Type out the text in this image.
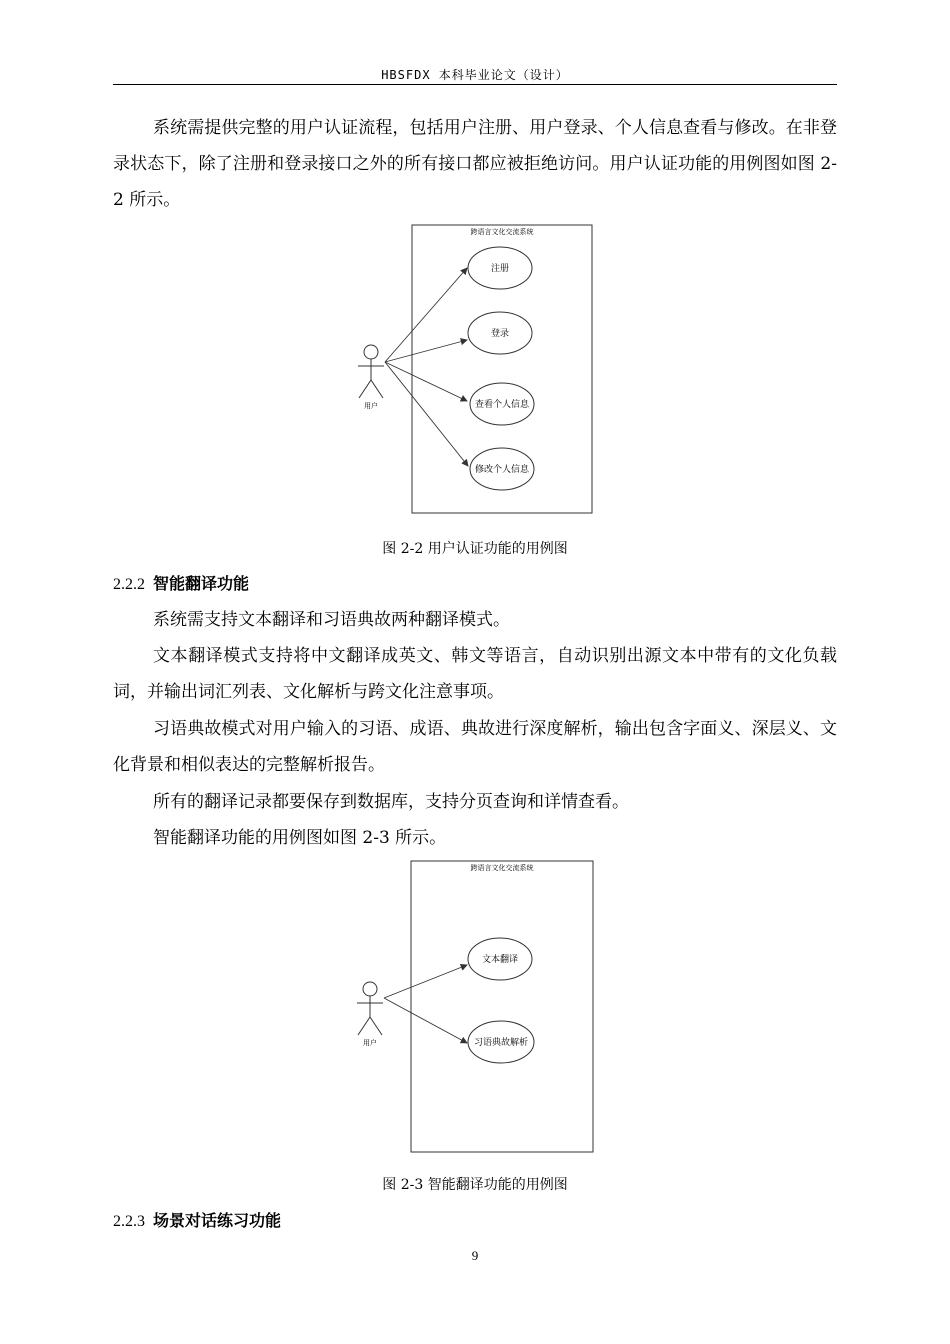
HBSFDX 本科毕业论文（设计）

系统需提供完整的用户认证流程，包括用户注册、用户登录、个人信息查看与修改。在非登录状态下，除了注册和登录接口之外的所有接口都应被拒绝访问。用户认证功能的用例图如图 2-2 所示。

跨语言文化交流系统
用户
注册
登录
查看个人信息
修改个人信息
跨语言文化交流系统
用户
文本翻译
习语典故解析
图 2-2 用户认证功能的用例图
2.2.2 智能翻译功能

系统需支持文本翻译和习语典故两种翻译模式。

文本翻译模式支持将中文翻译成英文、韩文等语言，自动识别出源文本中带有的文化负载词，并输出词汇列表、文化解析与跨文化注意事项。

习语典故模式对用户输入的习语、成语、典故进行深度解析，输出包含字面义、深层义、文化背景和相似表达的完整解析报告。

所有的翻译记录都要保存到数据库，支持分页查询和详情查看。

智能翻译功能的用例图如图 2-3 所示。

图 2-3 智能翻译功能的用例图
2.2.3 场景对话练习功能
9
